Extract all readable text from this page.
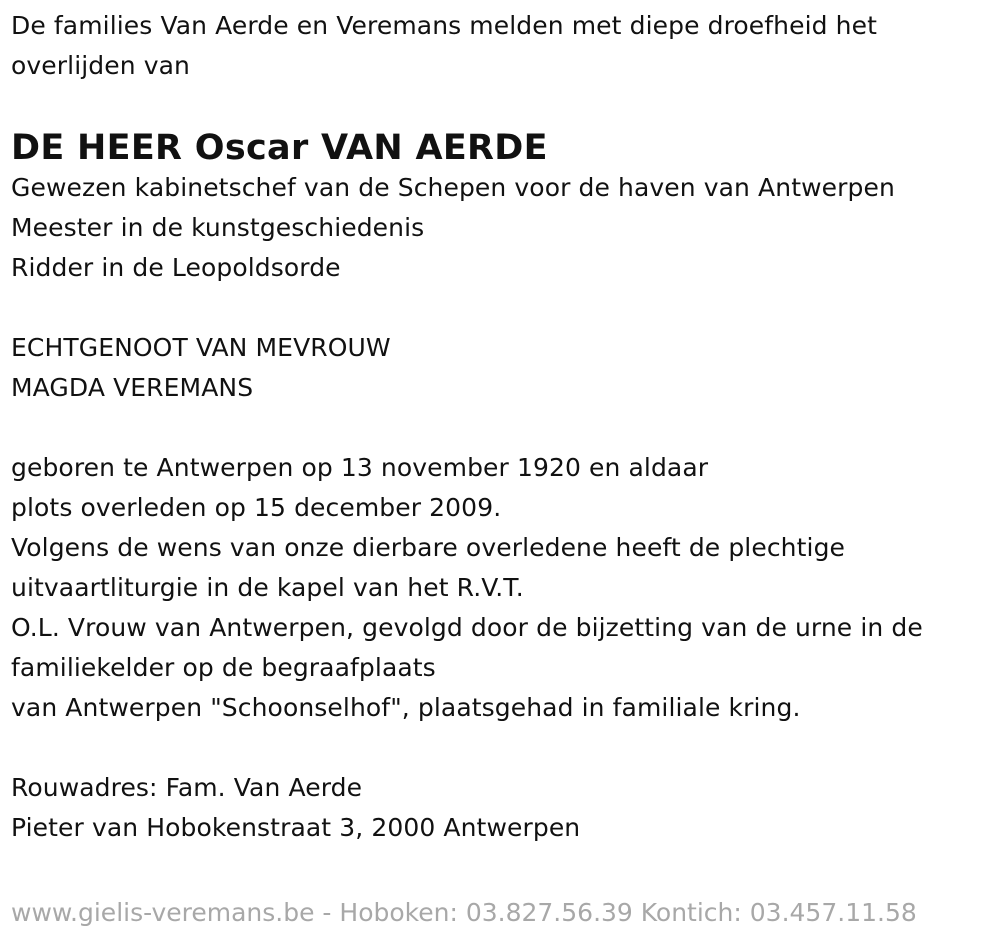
De families Van Aerde en Veremans melden met diepe droefheid het
overlijden van
DE HEER Oscar VAN AERDE
Gewezen kabinetschef van de Schepen voor de haven van Antwerpen
Meester in de kunstgeschiedenis
Ridder in de Leopoldsorde
ECHTGENOOT VAN MEVROUW
MAGDA VEREMANS
geboren te Antwerpen op 13 november 1920 en aldaar
plots overleden op 15 december 2009.
Volgens de wens van onze dierbare overledene heeft de plechtige
uitvaartliturgie in de kapel van het R.V.T.
O.L. Vrouw van Antwerpen, gevolgd door de bijzetting van de urne in de
familiekelder op de begraafplaats
van Antwerpen "Schoonselhof", plaatsgehad in familiale kring.
Rouwadres: Fam. Van Aerde
Pieter van Hobokenstraat 3, 2000 Antwerpen
www.gielis-veremans.be - Hoboken: 03.827.56.39 Kontich: 03.457.11.58
